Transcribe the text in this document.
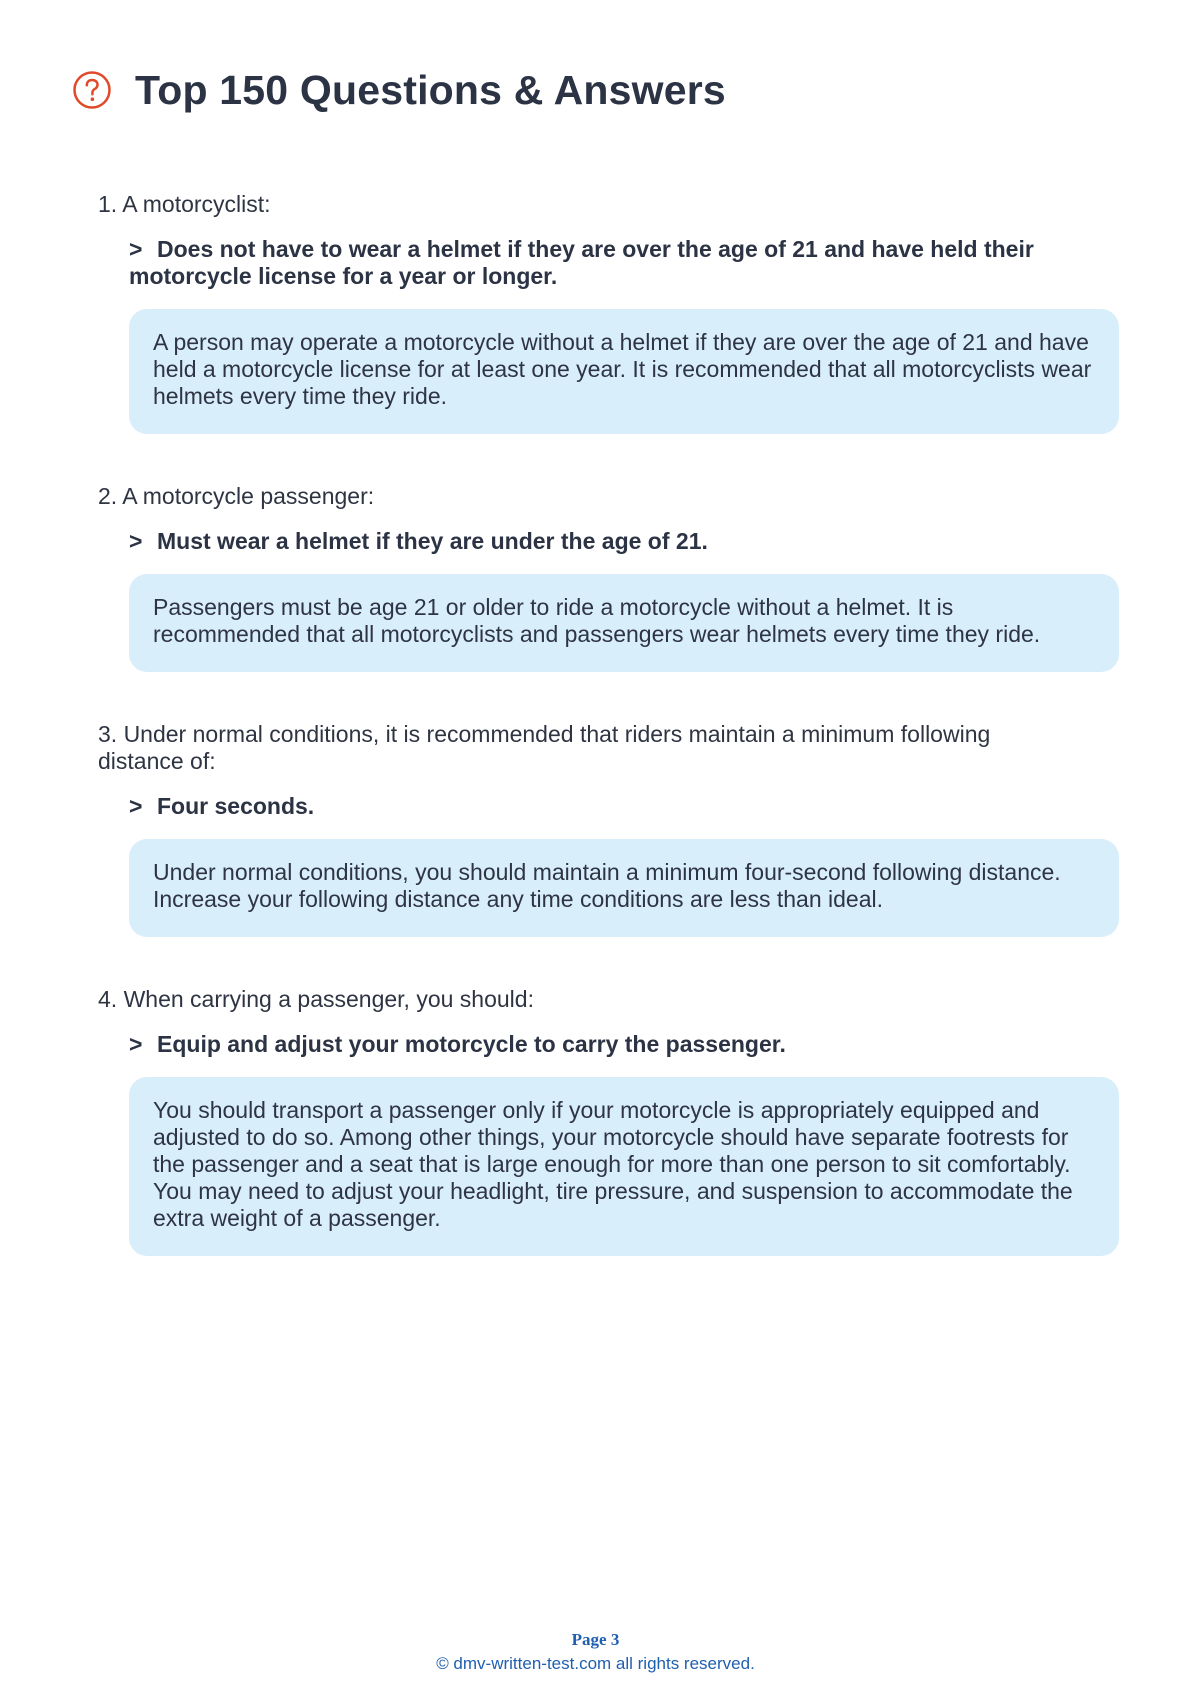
Top 150 Questions & Answers
1. A motorcyclist:
> Does not have to wear a helmet if they are over the age of 21 and have held their motorcycle license for a year or longer.
A person may operate a motorcycle without a helmet if they are over the age of 21 and have held a motorcycle license for at least one year. It is recommended that all motorcyclists wear helmets every time they ride.
2. A motorcycle passenger:
> Must wear a helmet if they are under the age of 21.
Passengers must be age 21 or older to ride a motorcycle without a helmet. It is recommended that all motorcyclists and passengers wear helmets every time they ride.
3. Under normal conditions, it is recommended that riders maintain a minimum following distance of:
> Four seconds.
Under normal conditions, you should maintain a minimum four-second following distance. Increase your following distance any time conditions are less than ideal.
4. When carrying a passenger, you should:
> Equip and adjust your motorcycle to carry the passenger.
You should transport a passenger only if your motorcycle is appropriately equipped and adjusted to do so. Among other things, your motorcycle should have separate footrests for the passenger and a seat that is large enough for more than one person to sit comfortably. You may need to adjust your headlight, tire pressure, and suspension to accommodate the extra weight of a passenger.
Page 3
© dmv-written-test.com all rights reserved.
